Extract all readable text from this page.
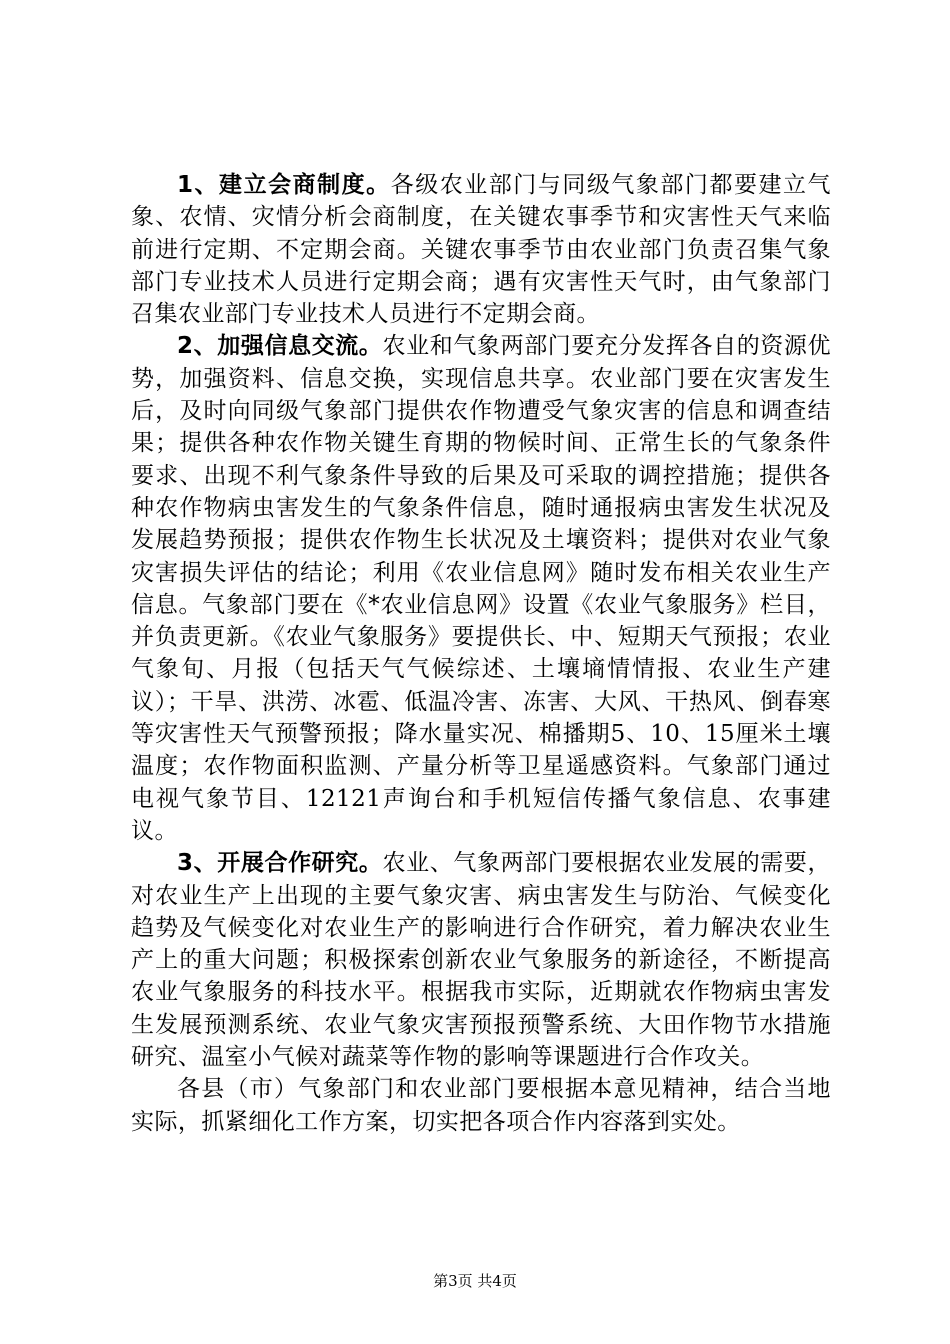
1、建立会商制度。各级农业部门与同级气象部门都要建立气象、农情、灾情分析会商制度，在关键农事季节和灾害性天气来临前进行定期、不定期会商。关键农事季节由农业部门负责召集气象部门专业技术人员进行定期会商；遇有灾害性天气时，由气象部门召集农业部门专业技术人员进行不定期会商。

2、加强信息交流。农业和气象两部门要充分发挥各自的资源优势，加强资料、信息交换，实现信息共享。农业部门要在灾害发生后，及时向同级气象部门提供农作物遭受气象灾害的信息和调查结果；提供各种农作物关键生育期的物候时间、正常生长的气象条件要求、出现不利气象条件导致的后果及可采取的调控措施；提供各种农作物病虫害发生的气象条件信息，随时通报病虫害发生状况及发展趋势预报；提供农作物生长状况及土壤资料；提供对农业气象灾害损失评估的结论；利用《农业信息网》随时发布相关农业生产信息。气象部门要在《*农业信息网》设置《农业气象服务》栏目，并负责更新。《农业气象服务》要提供长、中、短期天气预报；农业气象旬、月报（包括天气气候综述、土壤墒情情报、农业生产建议）；干旱、洪涝、冰雹、低温冷害、冻害、大风、干热风、倒春寒等灾害性天气预警预报；降水量实况、棉播期5、10、15厘米土壤温度；农作物面积监测、产量分析等卫星遥感资料。气象部门通过电视气象节目、12121声询台和手机短信传播气象信息、农事建议。

3、开展合作研究。农业、气象两部门要根据农业发展的需要，对农业生产上出现的主要气象灾害、病虫害发生与防治、气候变化趋势及气候变化对农业生产的影响进行合作研究，着力解决农业生产上的重大问题；积极探索创新农业气象服务的新途径，不断提高农业气象服务的科技水平。根据我市实际，近期就农作物病虫害发生发展预测系统、农业气象灾害预报预警系统、大田作物节水措施研究、温室小气候对蔬菜等作物的影响等课题进行合作攻关。

各县（市）气象部门和农业部门要根据本意见精神，结合当地实际，抓紧细化工作方案，切实把各项合作内容落到实处。

第3页 共4页
